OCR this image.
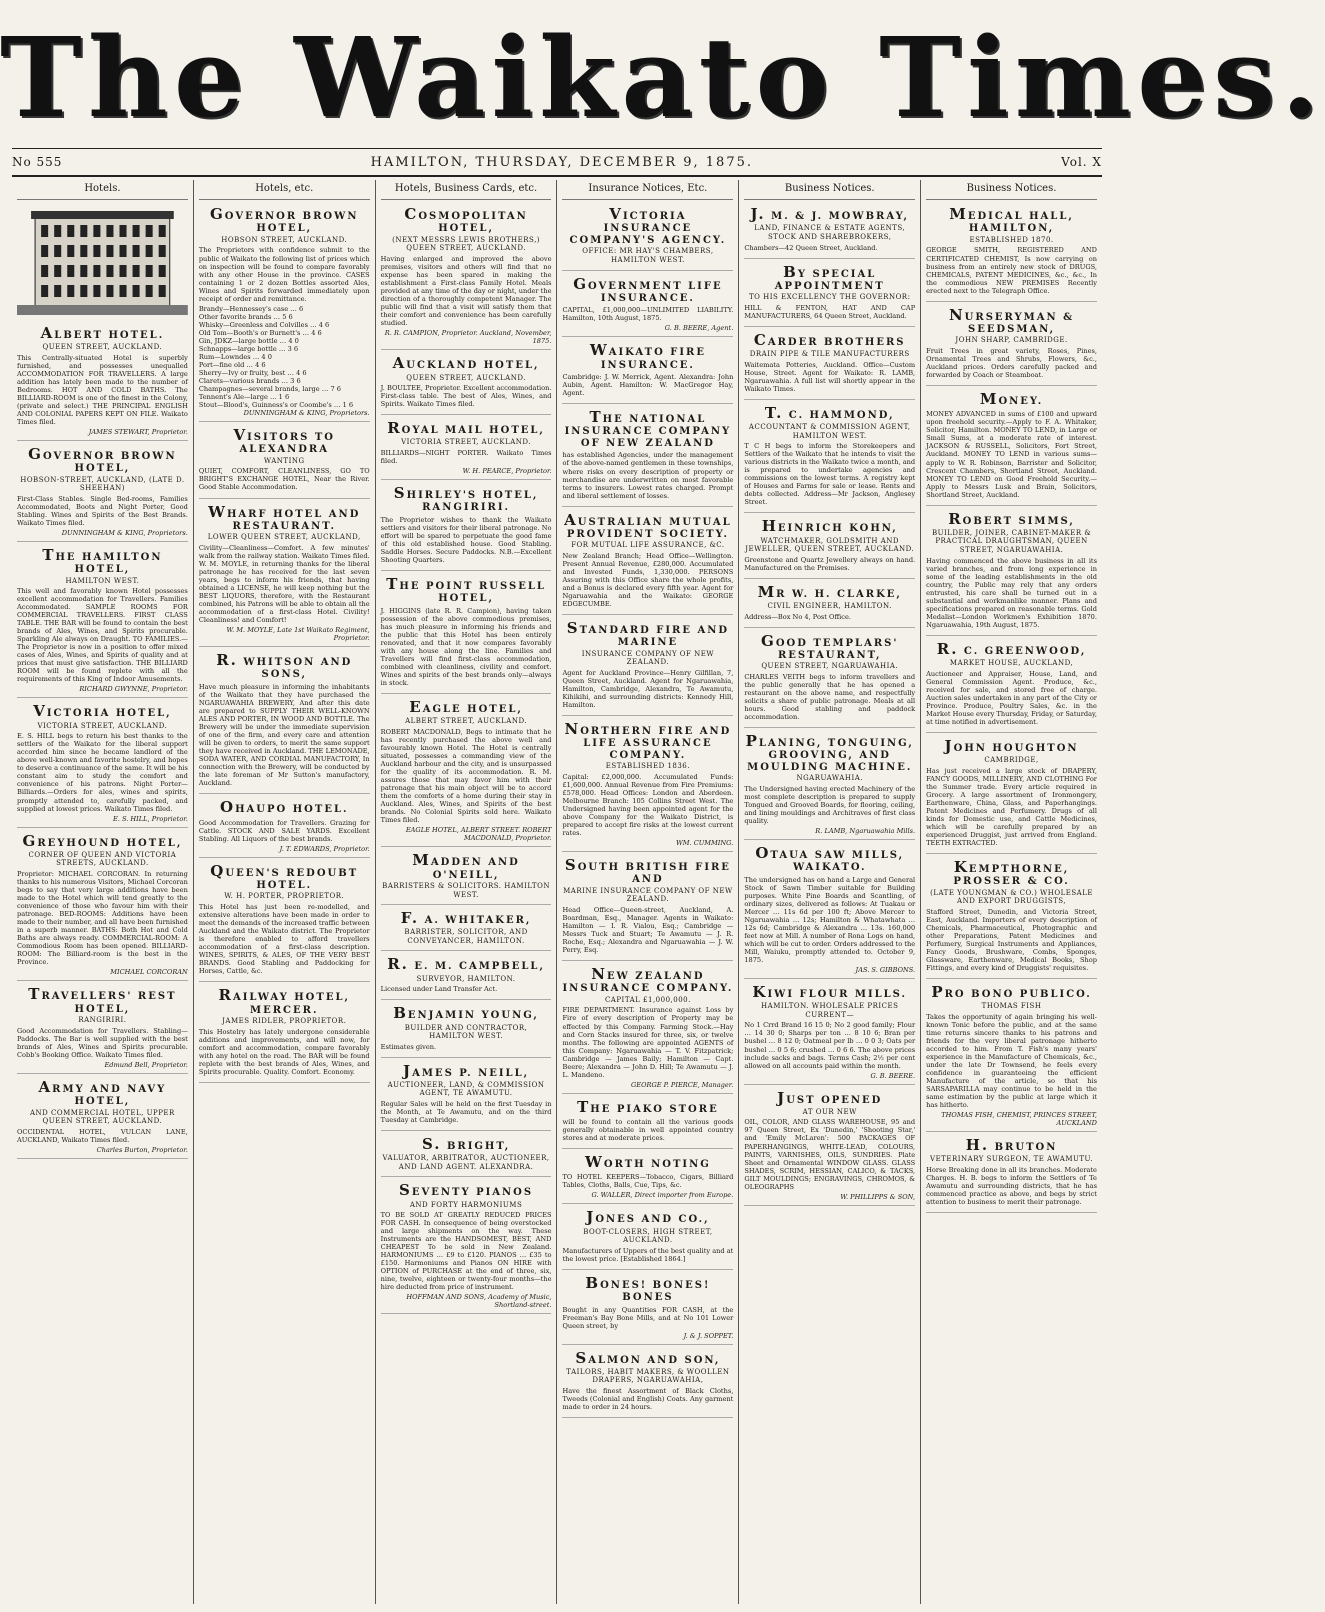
The Waikato Times.
No 555	HAMILTON, THURSDAY, DECEMBER 9, 1875.	Vol. X
Hotels.
ALBERT HOTEL.
QUEEN STREET, AUCKLAND.
This Centrally-situated Hotel is superbly furnished, and possesses unequalled ACCOMMODATION FOR TRAVELLERS. A large addition has lately been made to the number of Bedrooms. HOT AND COLD BATHS. The BILLIARD-ROOM is one of the finest in the Colony, (private and select.) THE PRINCIPAL ENGLISH AND COLONIAL PAPERS KEPT ON FILE. Waikato Times filed.
JAMES STEWART, Proprietor.
GOVERNOR BROWN HOTEL,
HOBSON-STREET, AUCKLAND, (LATE D. SHEEHAN)
First-Class Stables. Single Bed-rooms, Families Accommodated, Boots and Night Porter, Good Stabling. Wines and Spirits of the Best Brands. Waikato Times filed.
DUNNINGHAM & KING, Proprietors.
THE HAMILTON HOTEL,
HAMILTON WEST.
This well and favorably known Hotel possesses excellent accommodation for Travellers. Families Accommodated. SAMPLE ROOMS FOR COMMERCIAL TRAVELLERS. FIRST CLASS TABLE. THE BAR will be found to contain the best brands of Ales, Wines, and Spirits procurable. Sparkling Ale always on Draught. TO FAMILIES.—The Proprietor is now in a position to offer mixed cases of Ales, Wines, and Spirits of quality and at prices that must give satisfaction. THE BILLIARD ROOM will be found replete with all the requirements of this King of Indoor Amusements.
RICHARD GWYNNE, Proprietor.
VICTORIA HOTEL,
VICTORIA STREET, AUCKLAND.
E. S. HILL begs to return his best thanks to the settlers of the Waikato for the liberal support accorded him since he became landlord of the above well-known and favorite hostelry, and hopes to deserve a continuance of the same. It will be his constant aim to study the comfort and convenience of his patrons. Night Porter—Billiards.—Orders for ales, wines and spirits, promptly attended to, carefully packed, and supplied at lowest prices. Waikato Times filed.
E. S. HILL, Proprietor.
GREYHOUND HOTEL,
CORNER OF QUEEN AND VICTORIA STREETS, AUCKLAND.
Proprietor: MICHAEL CORCORAN. In returning thanks to his numerous Visitors, Michael Corcoran begs to say that very large additions have been made to the Hotel which will tend greatly to the convenience of those who favour him with their patronage. BED-ROOMS: Additions have been made to their number, and all have been furnished in a superb manner. BATHS: Both Hot and Cold Baths are always ready. COMMERCIAL-ROOM: A Commodious Room has been opened. BILLIARD-ROOM: The Billiard-room is the best in the Province.
MICHAEL CORCORAN
TRAVELLERS' REST HOTEL,
RANGIRIRI.
Good Accommodation for Travellers. Stabling—Paddocks. The Bar is well supplied with the best brands of Ales, Wines and Spirits procurable. Cobb's Booking Office. Waikato Times filed.
Edmund Bell, Proprietor.
ARMY AND NAVY HOTEL,
AND COMMERCIAL HOTEL, UPPER QUEEN STREET, AUCKLAND.
OCCIDENTAL HOTEL, VULCAN LANE, AUCKLAND, Waikato Times filed.
Charles Burton, Proprietor.
Hotels, etc.
GOVERNOR BROWN HOTEL,
HOBSON STREET, AUCKLAND.
The Proprietors with confidence submit to the public of Waikato the following list of prices which on inspection will be found to compare favorably with any other House in the province. CASES containing 1 or 2 dozen Bottles assorted Ales, Wines and Spirits forwarded immediately upon receipt of order and remittance.
Brandy—Hennessey's case … 6
Other favorite brands … 5 6
Whisky—Greenless and Colvilles … 4 6
Old Tom—Booth's or Burnett's … 4 6
Gin, JDKZ—large bottle … 4 0
Schnapps—large bottle … 3 6
Rum—Lowndes … 4 0
Port—fine old … 4 6
Sherry—Ivy or fruity, best … 4 6
Clarets—various brands … 3 6
Champagnes—several brands, large … 7 6
Tennent's Ale—large … 1 6
Stout—Blood's, Guinness's or Coombe's … 1 6
DUNNINGHAM & KING, Proprietors.
VISITORS TO ALEXANDRA
WANTING
QUIET, COMFORT, CLEANLINESS, GO TO BRIGHT'S EXCHANGE HOTEL, Near the River. Good Stable Accommodation.
WHARF HOTEL AND RESTAURANT.
LOWER QUEEN STREET, AUCKLAND,
Civility—Cleanliness—Comfort. A few minutes' walk from the railway station. Waikato Times filed. W. M. MOYLE, in returning thanks for the liberal patronage he has received for the last seven years, begs to inform his friends, that having obtained a LICENSE, he will keep nothing but the BEST LIQUORS, therefore, with the Restaurant combined, his Patrons will be able to obtain all the accommodation of a first-class Hotel. Civility! Cleanliness! and Comfort!
W. M. MOYLE, Late 1st Waikato Regiment, Proprietor.
R. WHITSON AND SONS,
Have much pleasure in informing the inhabitants of the Waikato that they have purchased the NGARUAWAHIA BREWERY, And after this date are prepared to SUPPLY THEIR WELL-KNOWN ALES AND PORTER, IN WOOD AND BOTTLE. The Brewery will be under the immediate supervision of one of the firm, and every care and attention will be given to orders, to merit the same support they have received in Auckland. THE LEMONADE, SODA WATER, AND CORDIAL MANUFACTORY, In connection with the Brewery, will be conducted by the late foreman of Mr Sutton's manufactory, Auckland.
OHAUPO HOTEL.
Good Accommodation for Travellers. Grazing for Cattle. STOCK AND SALE YARDS. Excellent Stabling. All Liquors of the best brands.
J. T. EDWARDS, Proprietor.
QUEEN'S REDOUBT HOTEL.
W. H. PORTER, PROPRIETOR.
This Hotel has just been re-modelled, and extensive alterations have been made in order to meet the demands of the increased traffic between Auckland and the Waikato district. The Proprietor is therefore enabled to afford travellers accommodation of a first-class description. WINES, SPIRITS, & ALES, OF THE VERY BEST BRANDS. Good Stabling and Paddocking for Horses, Cattle, &c.
RAILWAY HOTEL, MERCER.
JAMES RIDLER, PROPRIETOR.
This Hostelry has lately undergone considerable additions and improvements, and will now, for comfort and accommodation, compare favorably with any hotel on the road. The BAR will be found replete with the best brands of Ales, Wines, and Spirits procurable. Quality. Comfort. Economy.
Hotels, Business Cards, etc.
COSMOPOLITAN HOTEL,
(NEXT MESSRS LEWIS BROTHERS,) QUEEN STREET, AUCKLAND.
Having enlarged and improved the above premises, visitors and others will find that no expense has been spared in making the establishment a First-class Family Hotel. Meals provided at any time of the day or night, under the direction of a thoroughly competent Manager. The public will find that a visit will satisfy them that their comfort and convenience has been carefully studied.
R. R. CAMPION, Proprietor. Auckland, November, 1875.
AUCKLAND HOTEL,
QUEEN STREET, AUCKLAND.
J. BOULTEE, Proprietor. Excellent accommodation. First-class table. The best of Ales, Wines, and Spirits. Waikato Times filed.
ROYAL MAIL HOTEL,
VICTORIA STREET, AUCKLAND.
BILLIARDS—NIGHT PORTER. Waikato Times filed.
W. H. PEARCE, Proprietor.
SHIRLEY'S HOTEL, RANGIRIRI.
The Proprietor wishes to thank the Waikato settlers and visitors for their liberal patronage. No effort will be spared to perpetuate the good fame of this old established house. Good Stabling. Saddle Horses. Secure Paddocks. N.B.—Excellent Shooting Quarters.
THE POINT RUSSELL HOTEL,
J. HIGGINS (late R. R. Campion), having taken possession of the above commodious premises, has much pleasure in informing his friends and the public that this Hotel has been entirely renovated, and that it now compares favorably with any house along the line. Families and Travellers will find first-class accommodation, combined with cleanliness, civility and comfort. Wines and spirits of the best brands only—always in stock.
EAGLE HOTEL,
ALBERT STREET, AUCKLAND.
ROBERT MACDONALD, Begs to intimate that he has recently purchased the above well and favourably known Hotel. The Hotel is centrally situated, possesses a commanding view of the Auckland harbour and the city, and is unsurpassed for the quality of its accommodation. R. M. assures those that may favor him with their patronage that his main object will be to accord them the comforts of a home during their stay in Auckland. Ales, Wines, and Spirits of the best brands. No Colonial Spirits sold here. Waikato Times filed.
EAGLE HOTEL, ALBERT STREET. ROBERT MACDONALD, Proprietor.
MADDEN AND O'NEILL,
BARRISTERS & SOLICITORS. HAMILTON WEST.
F. A. WHITAKER,
BARRISTER, SOLICITOR, AND CONVEYANCER, HAMILTON.
R. E. M. CAMPBELL,
SURVEYOR, HAMILTON.
Licensed under Land Transfer Act.
BENJAMIN YOUNG,
BUILDER AND CONTRACTOR, HAMILTON WEST.
Estimates given.
JAMES P. NEILL,
AUCTIONEER, LAND, & COMMISSION AGENT, TE AWAMUTU.
Regular Sales will be held on the first Tuesday in the Month, at Te Awamutu, and on the third Tuesday at Cambridge.
S. BRIGHT,
VALUATOR, ARBITRATOR, AUCTIONEER, AND LAND AGENT. ALEXANDRA.
SEVENTY PIANOS
AND FORTY HARMONIUMS
TO BE SOLD AT GREATLY REDUCED PRICES FOR CASH. In consequence of being overstocked and large shipments on the way. These Instruments are the HANDSOMEST, BEST, AND CHEAPEST To be sold in New Zealand. HARMONIUMS … £9 to £120. PIANOS … £35 to £150. Harmoniums and Pianos ON HIRE with OPTION of PURCHASE at the end of three, six, nine, twelve, eighteen or twenty-four months—the hire deducted from price of instrument.
HOFFMAN AND SONS, Academy of Music, Shortland-street.
Insurance Notices, Etc.
VICTORIA INSURANCE COMPANY'S AGENCY.
OFFICE: MR HAY'S CHAMBERS, HAMILTON WEST.
GOVERNMENT LIFE INSURANCE.
CAPITAL, £1,000,000—UNLIMITED LIABILITY. Hamilton, 10th August, 1875.
G. B. BEERE, Agent.
WAIKATO FIRE INSURANCE.
Cambridge: J. W. Merrick, Agent. Alexandra: John Aubin, Agent. Hamilton: W. MacGregor Hay, Agent.
THE NATIONAL INSURANCE COMPANY OF NEW ZEALAND
has established Agencies, under the management of the above-named gentlemen in these townships, where risks on every description of property or merchandise are underwritten on most favorable terms to insurers. Lowest rates charged. Prompt and liberal settlement of losses.
AUSTRALIAN MUTUAL PROVIDENT SOCIETY.
FOR MUTUAL LIFE ASSURANCE, &C.
New Zealand Branch; Head Office—Wellington. Present Annual Revenue, £280,000. Accumulated and Invested Funds, 1,330,000. PERSONS Assuring with this Office share the whole profits, and a Bonus is declared every fifth year. Agent for Ngaruawahia and the Waikato: GEORGE EDGECUMBE.
STANDARD FIRE AND MARINE
INSURANCE COMPANY OF NEW ZEALAND.
Agent for Auckland Province—Henry Gilfillan, 7, Queen Street, Auckland. Agent for Ngaruawahia, Hamilton, Cambridge, Alexandra, Te Awamutu, Kihikihi, and surrounding districts: Kennedy Hill, Hamilton.
NORTHERN FIRE AND LIFE ASSURANCE COMPANY.
ESTABLISHED 1836.
Capital: £2,000,000. Accumulated Funds: £1,600,000. Annual Revenue from Fire Premiums: £578,000. Head Offices: London and Aberdeen. Melbourne Branch: 105 Collins Street West. The Undersigned having been appointed agent for the above Company for the Waikato District, is prepared to accept fire risks at the lowest current rates.
WM. CUMMING.
SOUTH BRITISH FIRE AND
MARINE INSURANCE COMPANY OF NEW ZEALAND.
Head Office—Queen-street, Auckland, A. Boardman, Esq., Manager. Agents in Waikato: Hamilton — I. R. Vialou, Esq.; Cambridge — Messrs Tuck and Stuart; Te Awamutu — J. R. Roche, Esq.; Alexandra and Ngaruawahia — J. W. Perry, Esq.
NEW ZEALAND INSURANCE COMPANY.
CAPITAL £1,000,000.
FIRE DEPARTMENT. Insurance against Loss by Fire of every description of Property may be effected by this Company. Farming Stock.—Hay and Corn Stacks insured for three, six, or twelve months. The following are appointed AGENTS of this Company: Ngaruawahia — T. V. Fitzpatrick; Cambridge — James Baily; Hamilton — Capt. Beere; Alexandra — John D. Hill; Te Awamutu — J. L. Mandeno.
GEORGE P. PIERCE, Manager.
THE PIAKO STORE
will be found to contain all the various goods generally obtainable in well appointed country stores and at moderate prices.
WORTH NOTING
TO HOTEL KEEPERS—Tobacco, Cigars, Billiard Tables, Cloths, Balls, Cue, Tips, &c.
G. WALLER, Direct importer from Europe.
JONES AND CO.,
BOOT-CLOSERS, HIGH STREET, AUCKLAND.
Manufacturers of Uppers of the best quality and at the lowest price. [Established 1864.]
BONES! BONES! BONES
Bought in any Quantities FOR CASH, at the Freeman's Bay Bone Mills, and at No 101 Lower Queen street, by
J. & J. SOPPET.
SALMON AND SON,
TAILORS, HABIT MAKERS, & WOOLLEN DRAPERS, NGARUAWAHIA,
Have the finest Assortment of Black Cloths, Tweeds (Colonial and English) Coats. Any garment made to order in 24 hours.
Business Notices.
J. M. & J. MOWBRAY,
LAND, FINANCE & ESTATE AGENTS, STOCK AND SHAREBROKERS,
Chambers—42 Queen Street, Auckland.
BY SPECIAL APPOINTMENT
TO HIS EXCELLENCY THE GOVERNOR:
HILL & FENTON, HAT AND CAP MANUFACTURERS, 64 Queen Street, Auckland.
CARDER BROTHERS
DRAIN PIPE & TILE MANUFACTURERS
Waitemata Potteries, Auckland. Office—Custom House, Street. Agent for Waikato: R. LAMB, Ngaruawahia. A full list will shortly appear in the Waikato Times.
T. C. HAMMOND,
ACCOUNTANT & COMMISSION AGENT, HAMILTON WEST.
T C H begs to inform the Storekeepers and Settlers of the Waikato that he intends to visit the various districts in the Waikato twice a month, and is prepared to undertake agencies and commissions on the lowest terms. A registry kept of Houses and Farms for sale or lease. Rents and debts collected. Address—Mr Jackson, Anglesey Street.
HEINRICH KOHN,
WATCHMAKER, GOLDSMITH AND JEWELLER, QUEEN STREET, AUCKLAND.
Greenstone and Quartz Jewellery always on hand. Manufactured on the Premises.
MR W. H. CLARKE,
CIVIL ENGINEER, HAMILTON.
Address—Box No 4, Post Office.
GOOD TEMPLARS' RESTAURANT,
QUEEN STREET, NGARUAWAHIA.
CHARLES VEITH begs to inform travellers and the public generally that he has opened a restaurant on the above name, and respectfully solicits a share of public patronage. Meals at all hours. Good stabling and paddock accommodation.
PLANING, TONGUING, GROOVING, AND MOULDING MACHINE.
NGARUAWAHIA.
The Undersigned having erected Machinery of the most complete description is prepared to supply Tongued and Grooved Boards, for flooring, ceiling, and lining mouldings and Architraves of first class quality.
R. LAMB, Ngaruawahia Mills.
OTAUA SAW MILLS, WAIKATO.
The undersigned has on hand a Large and General Stock of Sawn Timber suitable for Building purposes. White Pine Boards and Scantling, of ordinary sizes, delivered as follows: At Tuakau or Mercer … 11s 6d per 100 ft; Above Mercer to Ngaruawahia … 12s; Hamilton & Whatawhata … 12s 6d; Cambridge & Alexandra … 13s. 160,000 feet now at Mill. A number of Rona Logs on hand, which will be cut to order. Orders addressed to the Mill, Waiuku, promptly attended to. October 9, 1875.
JAS. S. GIBBONS.
KIWI FLOUR MILLS.
HAMILTON. WHOLESALE PRICES CURRENT—
No 1 Crrd Brand 16 15 0; No 2 good family; Flour … 14 30 0; Sharps per ton … 8 10 6; Bran per bushel … 8 12 0; Oatmeal per lb … 0 0 3; Oats per bushel … 0 5 6; crushed … 0 6 6. The above prices include sacks and bags. Terms Cash; 2½ per cent allowed on all accounts paid within the month.
G. B. BEERE.
JUST OPENED
AT OUR NEW
OIL, COLOR, AND GLASS WAREHOUSE, 95 and 97 Queen Street, Ex 'Dunedin,' 'Shooting Star,' and 'Emily McLaren': 500 PACKAGES OF PAPERHANGINGS, WHITE-LEAD, COLOURS, PAINTS, VARNISHES, OILS, SUNDRIES. Plate Sheet and Ornamental WINDOW GLASS. GLASS SHADES, SCRIM, HESSIAN, CALICO, & TACKS, GILT MOULDINGS; ENGRAVINGS, CHROMOS, & OLEOGRAPHS
W. PHILLIPPS & SON,
Business Notices.
MEDICAL HALL, HAMILTON,
ESTABLISHED 1870.
GEORGE SMITH, REGISTERED AND CERTIFICATED CHEMIST, Is now carrying on business from an entirely new stock of DRUGS, CHEMICALS, PATENT MEDICINES, &c., &c., In the commodious NEW PREMISES Recently erected next to the Telegraph Office.
NURSERYMAN & SEEDSMAN,
JOHN SHARP, CAMBRIDGE.
Fruit Trees in great variety, Roses, Pines, Ornamental Trees and Shrubs, Flowers, &c., Auckland prices. Orders carefully packed and forwarded by Coach or Steamboat.
MONEY.
MONEY ADVANCED in sums of £100 and upward upon freehold security.—Apply to F. A. Whitaker, Solicitor, Hamilton. MONEY TO LEND, in Large or Small Sums, at a moderate rate of interest. JACKSON & RUSSELL, Solicitors, Fort Street, Auckland. MONEY TO LEND in various sums—apply to W. R. Robinson, Barrister and Solicitor, Crescent Chambers, Shortland Street, Auckland. MONEY TO LEND on Good Freehold Security.—Apply to Messrs Lusk and Brain, Solicitors, Shortland Street, Auckland.
ROBERT SIMMS,
BUILDER, JOINER, CABINET-MAKER & PRACTICAL DRAUGHTSMAN, QUEEN STREET, NGARUAWAHIA.
Having commenced the above business in all its varied branches, and from long experience in some of the leading establishments in the old country, the Public may rely that any orders entrusted, his care shall be turned out in a substantial and workmanlike manner. Plans and specifications prepared on reasonable terms. Gold Medalist—London Workmen's Exhibition 1870. Ngaruawahia, 19th August, 1875.
R. C. GREENWOOD,
MARKET HOUSE, AUCKLAND,
Auctioneer and Appraiser, House, Land, and General Commission Agent. Produce, &c., received for sale, and stored free of charge. Auction sales undertaken in any part of the City or Province. Produce, Poultry Sales, &c. in the Market House every Thursday, Friday, or Saturday, at time notified in advertisement.
JOHN HOUGHTON
CAMBRIDGE,
Has just received a large stock of DRAPERY, FANCY GOODS, MILLINERY, AND CLOTHING For the Summer trade. Every article required in Grocery. A large assortment of Ironmongery, Earthenware, China, Glass, and Paperhangings. Patent Medicines and Perfumery. Drugs of all kinds for Domestic use, and Cattle Medicines, which will be carefully prepared by an experienced Druggist, just arrived from England. TEETH EXTRACTED.
KEMPTHORNE, PROSSER & CO.
(LATE YOUNGMAN & CO.) WHOLESALE AND EXPORT DRUGGISTS,
Stafford Street, Dunedin, and Victoria Street, East, Auckland. Importers of every description of Chemicals, Pharmaceutical, Photographic and other Preparations, Patent Medicines and Perfumery, Surgical Instruments and Appliances, Fancy Goods, Brushware, Combs, Sponges, Glassware, Earthenware, Medical Books, Shop Fittings, and every kind of Druggists' requisites.
PRO BONO PUBLICO.
THOMAS FISH
Takes the opportunity of again bringing his well-known Tonic before the public, and at the same time returns sincere thanks to his patrons and friends for the very liberal patronage hitherto accorded to him. From T. Fish's many years' experience in the Manufacture of Chemicals, &c., under the late Dr Townsend, he feels every confidence in guaranteeing the efficient Manufacture of the article, so that his SARSAPARILLA may continue to be held in the same estimation by the public at large which it has hitherto.
THOMAS FISH, CHEMIST, PRINCES STREET, AUCKLAND
H. BRUTON
VETERINARY SURGEON, TE AWAMUTU.
Horse Breaking done in all its branches. Moderate Charges. H. B. begs to inform the Settlers of Te Awamutu and surrounding districts, that he has commenced practice as above, and begs by strict attention to business to merit their patronage.
